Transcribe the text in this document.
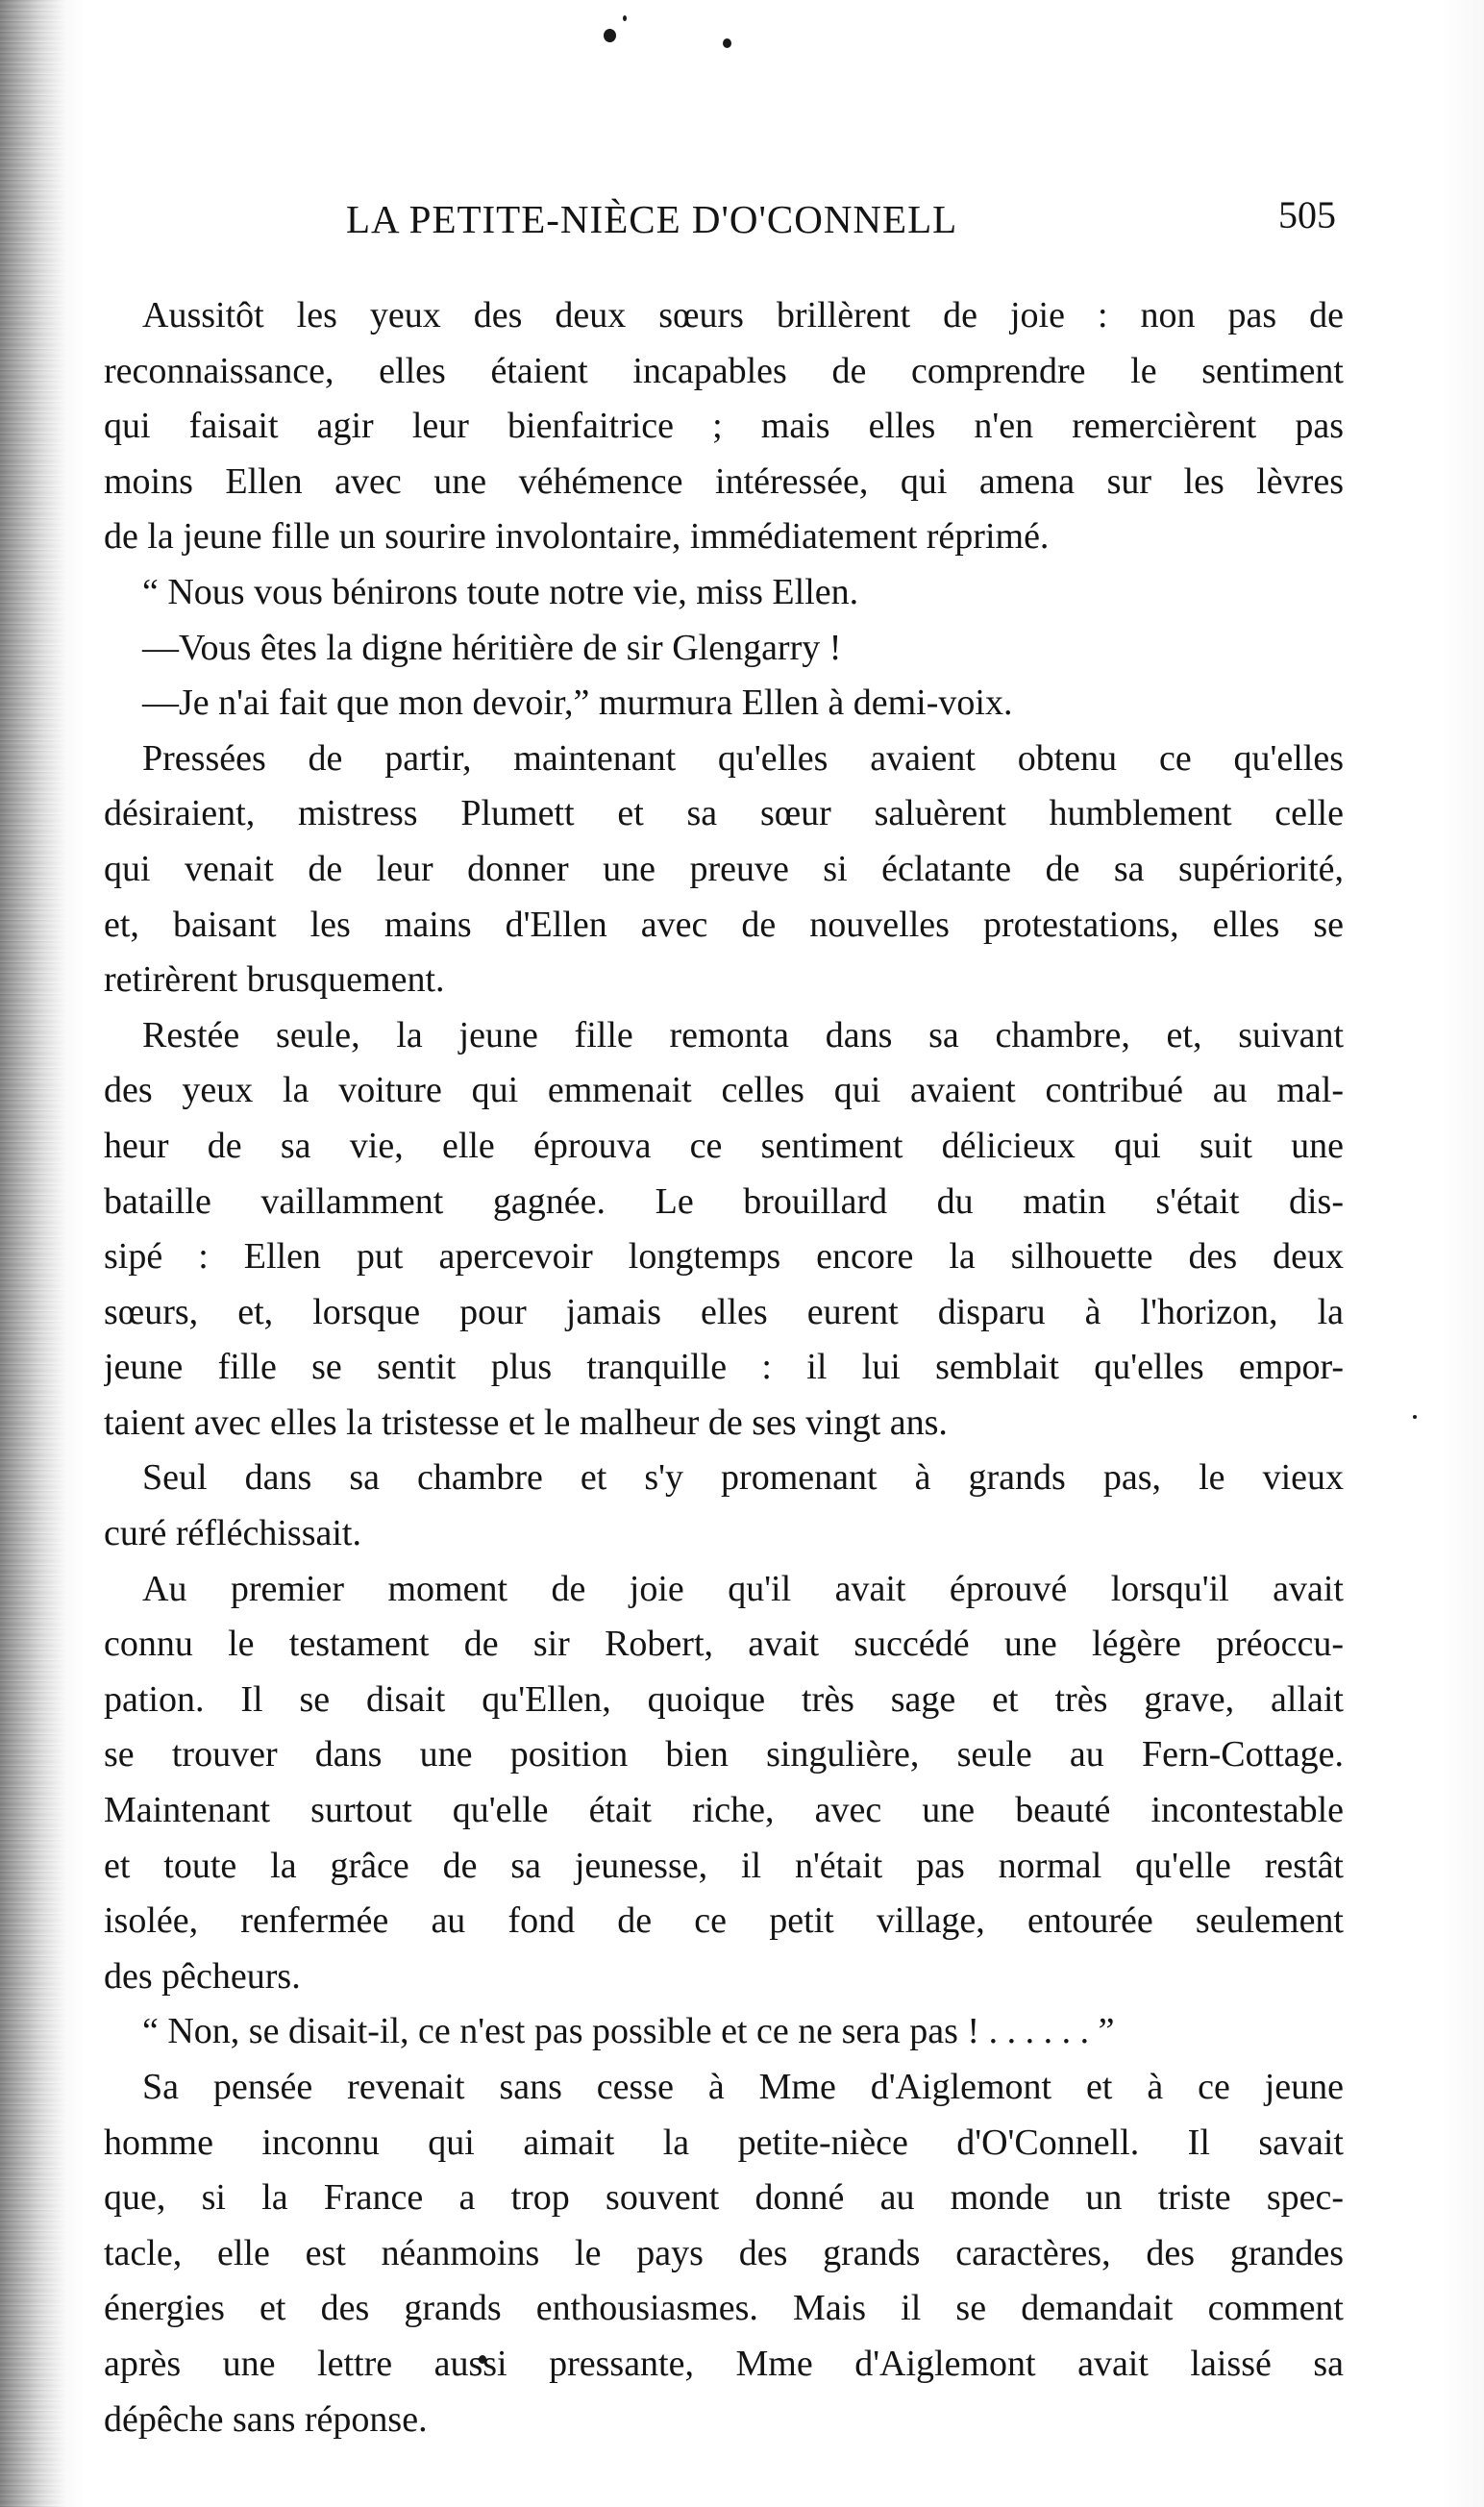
LA PETITE-NIÈCE D'O'CONNELL	505
Aussitôt les yeux des deux sœurs brillèrent de joie : non pas de
reconnaissance, elles étaient incapables de comprendre le sentiment
qui faisait agir leur bienfaitrice ; mais elles n'en remercièrent pas
moins Ellen avec une véhémence intéressée, qui amena sur les lèvres
de la jeune fille un sourire involontaire, immédiatement réprimé.
“ Nous vous bénirons toute notre vie, miss Ellen.
—Vous êtes la digne héritière de sir Glengarry !
—Je n'ai fait que mon devoir,” murmura Ellen à demi-voix.
Pressées de partir, maintenant qu'elles avaient obtenu ce qu'elles
désiraient, mistress Plumett et sa sœur saluèrent humblement celle
qui venait de leur donner une preuve si éclatante de sa supériorité,
et, baisant les mains d'Ellen avec de nouvelles protestations, elles se
retirèrent brusquement.
Restée seule, la jeune fille remonta dans sa chambre, et, suivant
des yeux la voiture qui emmenait celles qui avaient contribué au mal-
heur de sa vie, elle éprouva ce sentiment délicieux qui suit une
bataille vaillamment gagnée. Le brouillard du matin s'était dis-
sipé : Ellen put apercevoir longtemps encore la silhouette des deux
sœurs, et, lorsque pour jamais elles eurent disparu à l'horizon, la
jeune fille se sentit plus tranquille : il lui semblait qu'elles empor-
taient avec elles la tristesse et le malheur de ses vingt ans.
Seul dans sa chambre et s'y promenant à grands pas, le vieux
curé réfléchissait.
Au premier moment de joie qu'il avait éprouvé lorsqu'il avait
connu le testament de sir Robert, avait succédé une légère préoccu-
pation. Il se disait qu'Ellen, quoique très sage et très grave, allait
se trouver dans une position bien singulière, seule au Fern-Cottage.
Maintenant surtout qu'elle était riche, avec une beauté incontestable
et toute la grâce de sa jeunesse, il n'était pas normal qu'elle restât
isolée, renfermée au fond de ce petit village, entourée seulement
des pêcheurs.
“ Non, se disait-il, ce n'est pas possible et ce ne sera pas ! . . . . . . ”
Sa pensée revenait sans cesse à Mme d'Aiglemont et à ce jeune
homme inconnu qui aimait la petite-nièce d'O'Connell. Il savait
que, si la France a trop souvent donné au monde un triste spec-
tacle, elle est néanmoins le pays des grands caractères, des grandes
énergies et des grands enthousiasmes. Mais il se demandait comment
après une lettre aussi pressante, Mme d'Aiglemont avait laissé sa
dépêche sans réponse.
